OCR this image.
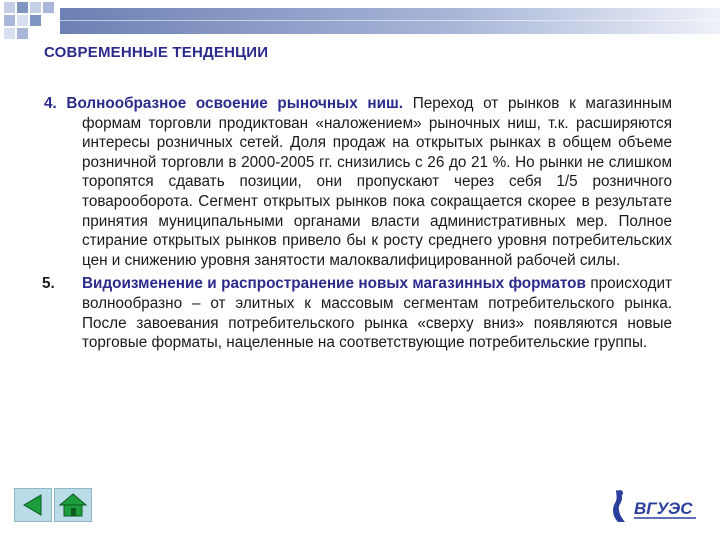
СОВРЕМЕННЫЕ ТЕНДЕНЦИИ

4. Волнообразное освоение рыночных ниш. Переход от рынков к магазинным формам торговли продиктован «наложением» рыночных ниш, т.к. расширяются интересы розничных сетей. Доля продаж на открытых рынках в общем объеме розничной торговли в 2000-2005 гг. снизились с 26 до 21 %. Но рынки не слишком торопятся сдавать позиции, они пропускают через себя 1/5 розничного товарооборота. Сегмент открытых рынков пока сокращается скорее в результате принятия муниципальными органами власти административных мер. Полное стирание открытых рынков привело бы к росту среднего уровня потребительских цен и снижению уровня занятости малоквалифицированной рабочей силы.

5. Видоизменение и распространение новых магазинных форматов происходит волнообразно – от элитных к массовым сегментам потребительского рынка. После завоевания потребительского рынка «сверху вниз» появляются новые торговые форматы, нацеленные на соответствующие потребительские группы.

ВГУЭС
